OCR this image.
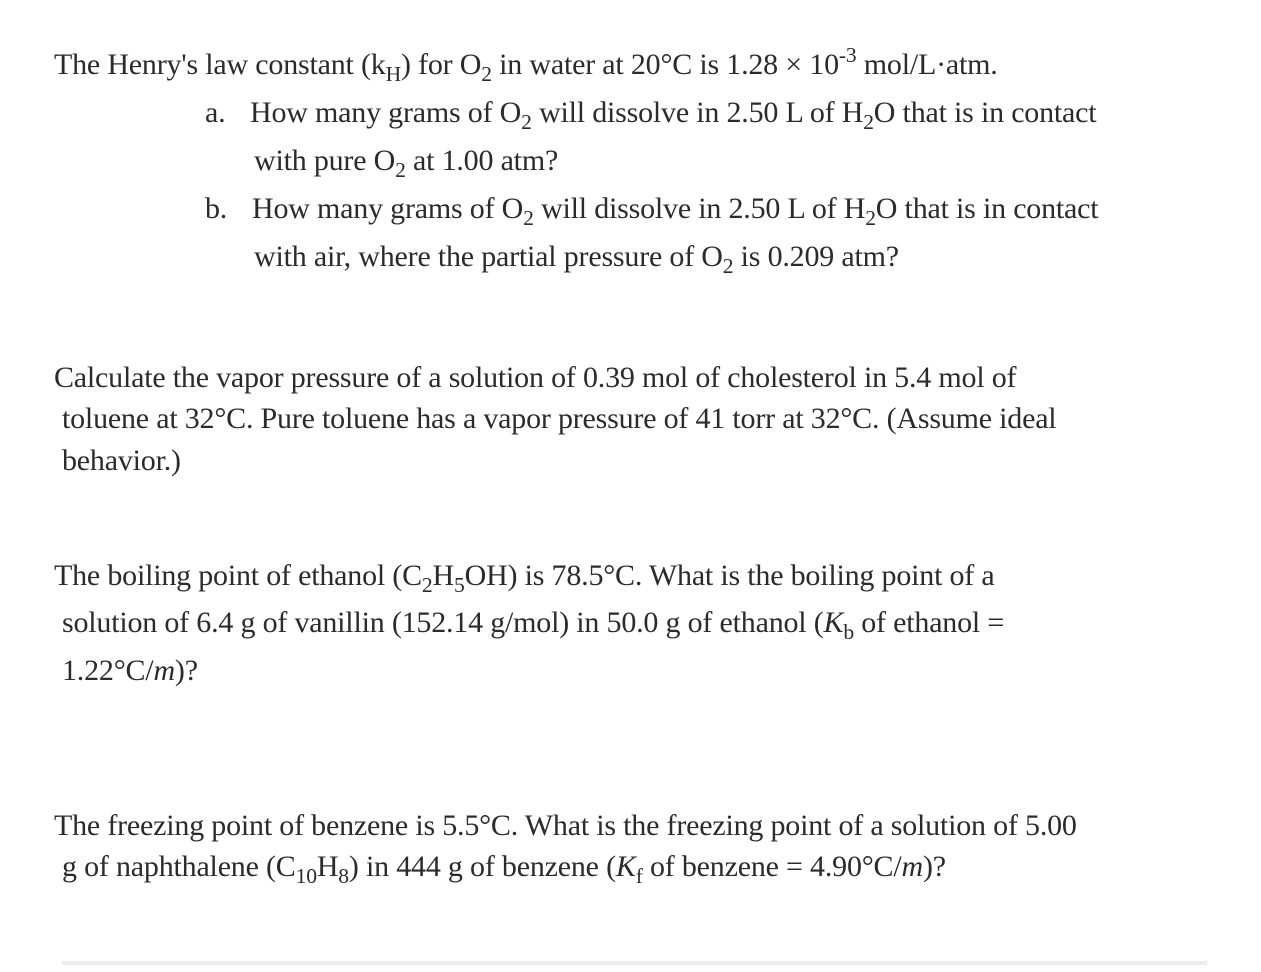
The Henry's law constant $(k_H)$ for $O_2$ in water at 20°C is $1.28 \times 10^{-3}$ mol/L·atm.
a. How many grams of $O_2$ will dissolve in 2.50 L of $H_2O$ that is in contact
with pure $O_2$ at 1.00 atm?
b. How many grams of $O_2$ will dissolve in 2.50 L of $H_2O$ that is in contact
with air, where the partial pressure of $O_2$ is 0.209 atm?
Calculate the vapor pressure of a solution of 0.39 mol of cholesterol in 5.4 mol of
toluene at 32°C. Pure toluene has a vapor pressure of 41 torr at 32°C. (Assume ideal
behavior.)
The boiling point of ethanol $(C_2H_5OH)$ is 78.5°C. What is the boiling point of a
solution of 6.4 g of vanillin (152.14 g/mol) in 50.0 g of ethanol ($K_b$ of ethanol =
1.22°C/m)?
The freezing point of benzene is 5.5°C. What is the freezing point of a solution of 5.00
g of naphthalene $(C_{10}H_8)$ in 444 g of benzene ($K_f$ of benzene = 4.90°C/m)?
